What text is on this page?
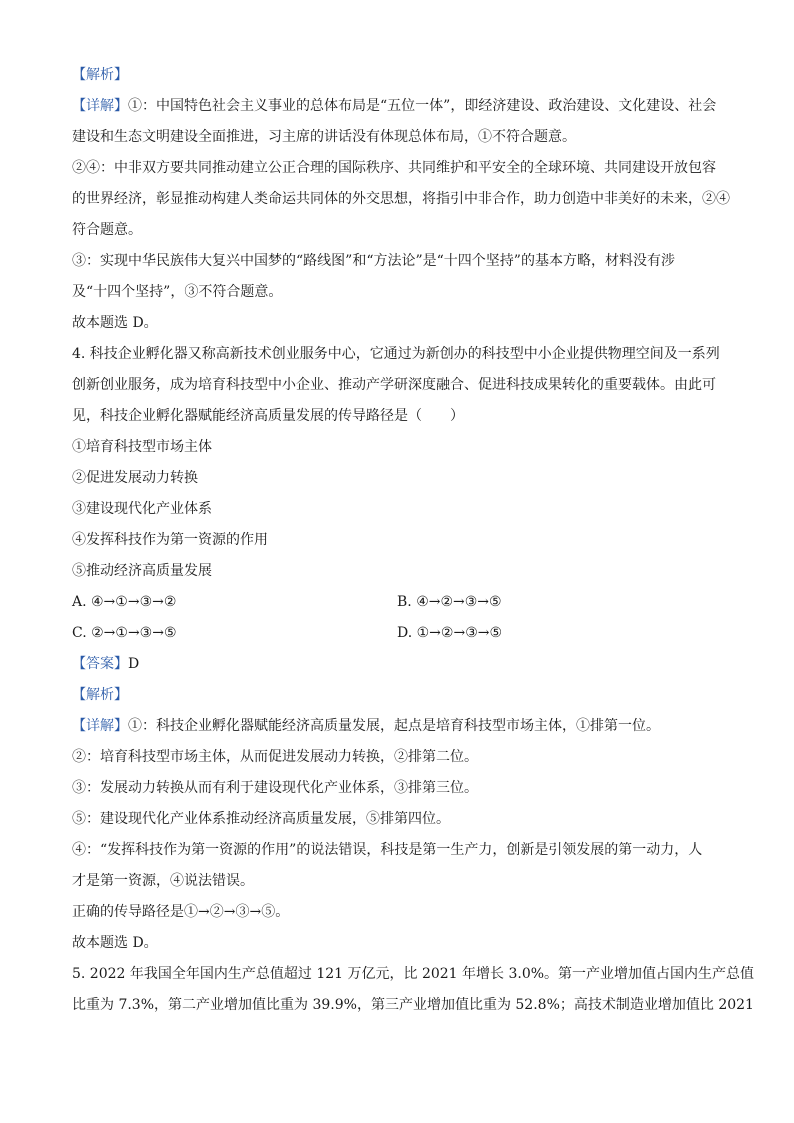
【解析】
【详解】①：中国特色社会主义事业的总体布局是“五位一体”，即经济建设、政治建设、文化建设、社会
建设和生态文明建设全面推进，习主席的讲话没有体现总体布局，①不符合题意。
②④：中非双方要共同推动建立公正合理的国际秩序、共同维护和平安全的全球环境、共同建设开放包容
的世界经济，彰显推动构建人类命运共同体的外交思想，将指引中非合作，助力创造中非美好的未来，②④
符合题意。
③：实现中华民族伟大复兴中国梦的“路线图”和“方法论”是“十四个坚持”的基本方略，材料没有涉
及“十四个坚持”，③不符合题意。
故本题选 D。
4. 科技企业孵化器又称高新技术创业服务中心，它通过为新创办的科技型中小企业提供物理空间及一系列
创新创业服务，成为培育科技型中小企业、推动产学研深度融合、促进科技成果转化的重要载体。由此可
见，科技企业孵化器赋能经济高质量发展的传导路径是（　　）
①培育科技型市场主体
②促进发展动力转换
③建设现代化产业体系
④发挥科技作为第一资源的作用
⑤推动经济高质量发展
A. ④→①→③→②	B. ④→②→③→⑤
C. ②→①→③→⑤	D. ①→②→③→⑤
【答案】D
【解析】
【详解】①：科技企业孵化器赋能经济高质量发展，起点是培育科技型市场主体，①排第一位。
②：培育科技型市场主体，从而促进发展动力转换，②排第二位。
③：发展动力转换从而有利于建设现代化产业体系，③排第三位。
⑤：建设现代化产业体系推动经济高质量发展，⑤排第四位。
④：“发挥科技作为第一资源的作用”的说法错误，科技是第一生产力，创新是引领发展的第一动力，人
才是第一资源，④说法错误。
正确的传导路径是①→②→③→⑤。
故本题选 D。
5. 2022 年我国全年国内生产总值超过 121 万亿元，比 2021 年增长 3.0%。第一产业增加值占国内生产总值
比重为 7.3%，第二产业增加值比重为 39.9%，第三产业增加值比重为 52.8%；高技术制造业增加值比 2021
